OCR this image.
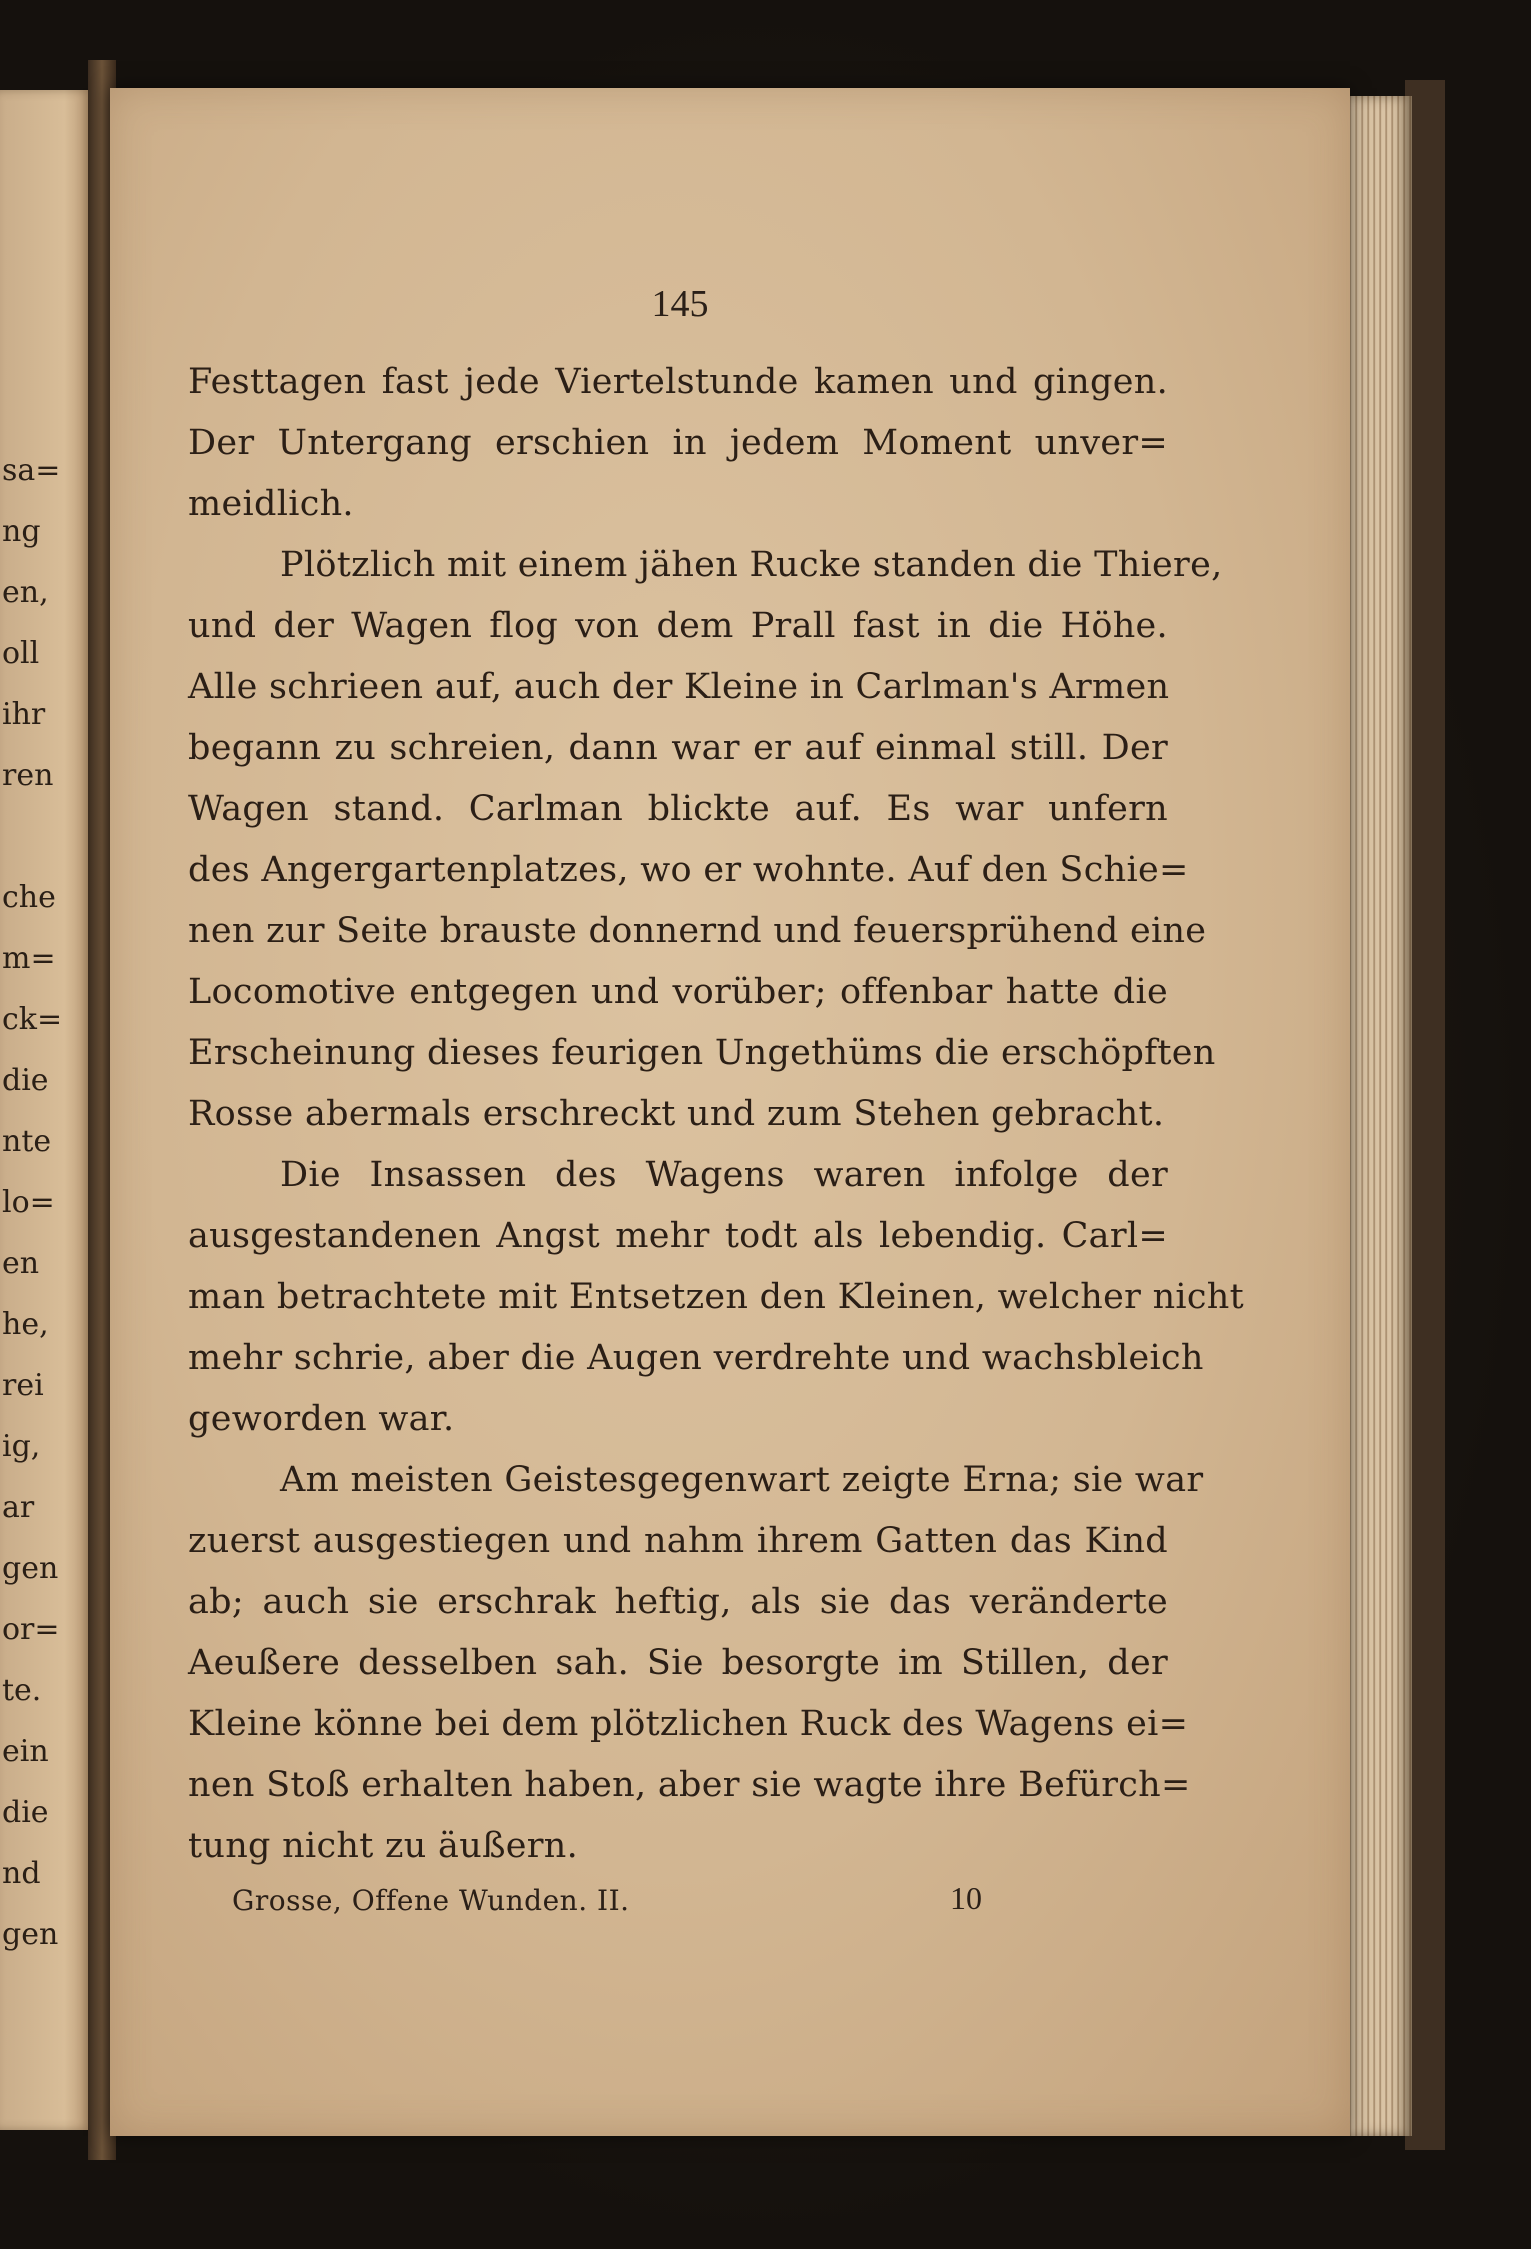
sa=
ng
en,
oll
ihr
ren
che
m=
ck=
die
nte
lo=
en
he,
rei
ig,
ar
gen
or=
te.
ein
die
nd
gen
145
Festtagen fast jede Viertelstunde kamen und gingen.
Der Untergang erschien in jedem Moment unver=
meidlich.
Plötzlich mit einem jähen Rucke standen die Thiere,
und der Wagen flog von dem Prall fast in die Höhe.
Alle schrieen auf, auch der Kleine in Carlman's Armen
begann zu schreien, dann war er auf einmal still. Der
Wagen stand. Carlman blickte auf. Es war unfern
des Angergartenplatzes, wo er wohnte. Auf den Schie=
nen zur Seite brauste donnernd und feuersprühend eine
Locomotive entgegen und vorüber; offenbar hatte die
Erscheinung dieses feurigen Ungethüms die erschöpften
Rosse abermals erschreckt und zum Stehen gebracht.
Die Insassen des Wagens waren infolge der
ausgestandenen Angst mehr todt als lebendig. Carl=
man betrachtete mit Entsetzen den Kleinen, welcher nicht
mehr schrie, aber die Augen verdrehte und wachsbleich
geworden war.
Am meisten Geistesgegenwart zeigte Erna; sie war
zuerst ausgestiegen und nahm ihrem Gatten das Kind
ab; auch sie erschrak heftig, als sie das veränderte
Aeußere desselben sah. Sie besorgte im Stillen, der
Kleine könne bei dem plötzlichen Ruck des Wagens ei=
nen Stoß erhalten haben, aber sie wagte ihre Befürch=
tung nicht zu äußern.
Grosse, Offene Wunden. II.	10
